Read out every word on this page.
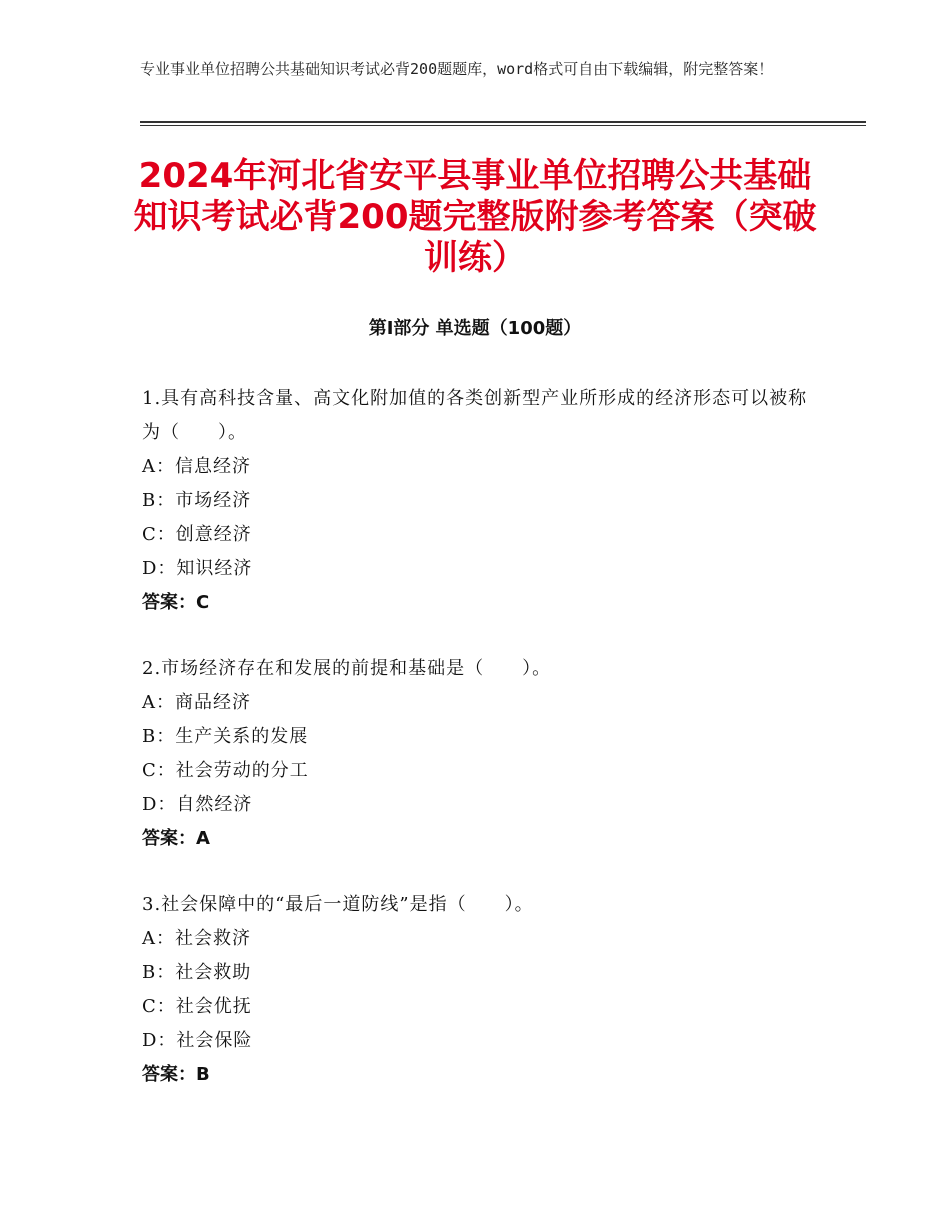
专业事业单位招聘公共基础知识考试必背200题题库，word格式可自由下载编辑，附完整答案！
2024年河北省安平县事业单位招聘公共基础知识考试必背200题完整版附参考答案（突破训练）
第Ⅰ部分 单选题（100题）

1.具有高科技含量、高文化附加值的各类创新型产业所形成的经济形态可以被称为（　　）。

A：信息经济

B：市场经济

C：创意经济

D：知识经济

答案：C

2.市场经济存在和发展的前提和基础是（　　）。

A：商品经济

B：生产关系的发展

C：社会劳动的分工

D：自然经济

答案：A

3.社会保障中的“最后一道防线”是指（　　）。

A：社会救济

B：社会救助

C：社会优抚

D：社会保险

答案：B
